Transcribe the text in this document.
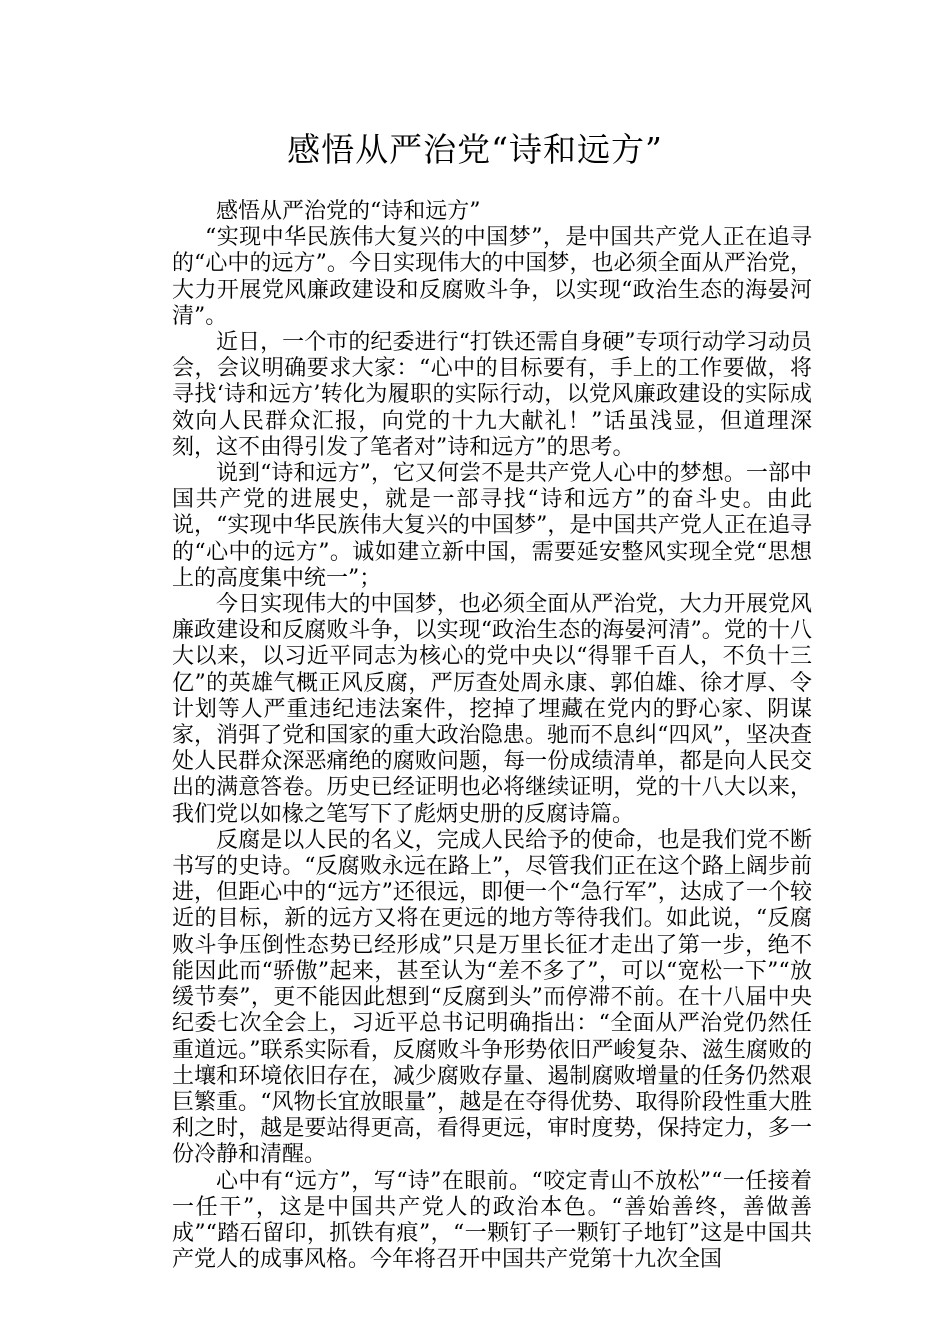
感悟从严治党“诗和远方”

感悟从严治党的“诗和远方”

“实现中华民族伟大复兴的中国梦”，是中国共产党人正在追寻的“心中的远方”。今日实现伟大的中国梦，也必须全面从严治党，大力开展党风廉政建设和反腐败斗争，以实现“政治生态的海晏河清”。

近日，一个市的纪委进行“打铁还需自身硬”专项行动学习动员会，会议明确要求大家：“心中的目标要有，手上的工作要做，将寻找‘诗和远方’转化为履职的实际行动，以党风廉政建设的实际成效向人民群众汇报，向党的十九大献礼！”话虽浅显，但道理深刻，这不由得引发了笔者对”诗和远方”的思考。

说到“诗和远方”，它又何尝不是共产党人心中的梦想。一部中国共产党的进展史，就是一部寻找“诗和远方”的奋斗史。由此说，“实现中华民族伟大复兴的中国梦”，是中国共产党人正在追寻的“心中的远方”。诚如建立新中国，需要延安整风实现全党“思想上的高度集中统一”；

今日实现伟大的中国梦，也必须全面从严治党，大力开展党风廉政建设和反腐败斗争，以实现“政治生态的海晏河清”。党的十八大以来，以习近平同志为核心的党中央以“得罪千百人，不负十三亿”的英雄气概正风反腐，严厉查处周永康、郭伯雄、徐才厚、令计划等人严重违纪违法案件，挖掉了埋藏在党内的野心家、阴谋家，消弭了党和国家的重大政治隐患。驰而不息纠“四风”，坚决查处人民群众深恶痛绝的腐败问题，每一份成绩清单，都是向人民交出的满意答卷。历史已经证明也必将继续证明，党的十八大以来，我们党以如椽之笔写下了彪炳史册的反腐诗篇。

反腐是以人民的名义，完成人民给予的使命，也是我们党不断书写的史诗。“反腐败永远在路上”，尽管我们正在这个路上阔步前进，但距心中的“远方”还很远，即便一个“急行军”，达成了一个较近的目标，新的远方又将在更远的地方等待我们。如此说，“反腐败斗争压倒性态势已经形成”只是万里长征才走出了第一步，绝不能因此而“骄傲”起来，甚至认为“差不多了”，可以“宽松一下”“放缓节奏”，更不能因此想到“反腐到头”而停滞不前。在十八届中央纪委七次全会上，习近平总书记明确指出：“全面从严治党仍然任重道远。”联系实际看，反腐败斗争形势依旧严峻复杂、滋生腐败的土壤和环境依旧存在，减少腐败存量、遏制腐败增量的任务仍然艰巨繁重。“风物长宜放眼量”，越是在夺得优势、取得阶段性重大胜利之时，越是要站得更高，看得更远，审时度势，保持定力，多一份冷静和清醒。

心中有“远方”，写“诗”在眼前。“咬定青山不放松”“一任接着一任干”，这是中国共产党人的政治本色。“善始善终，善做善成”“踏石留印，抓铁有痕”，“一颗钉子一颗钉子地钉”这是中国共产党人的成事风格。今年将召开中国共产党第十九次全国
